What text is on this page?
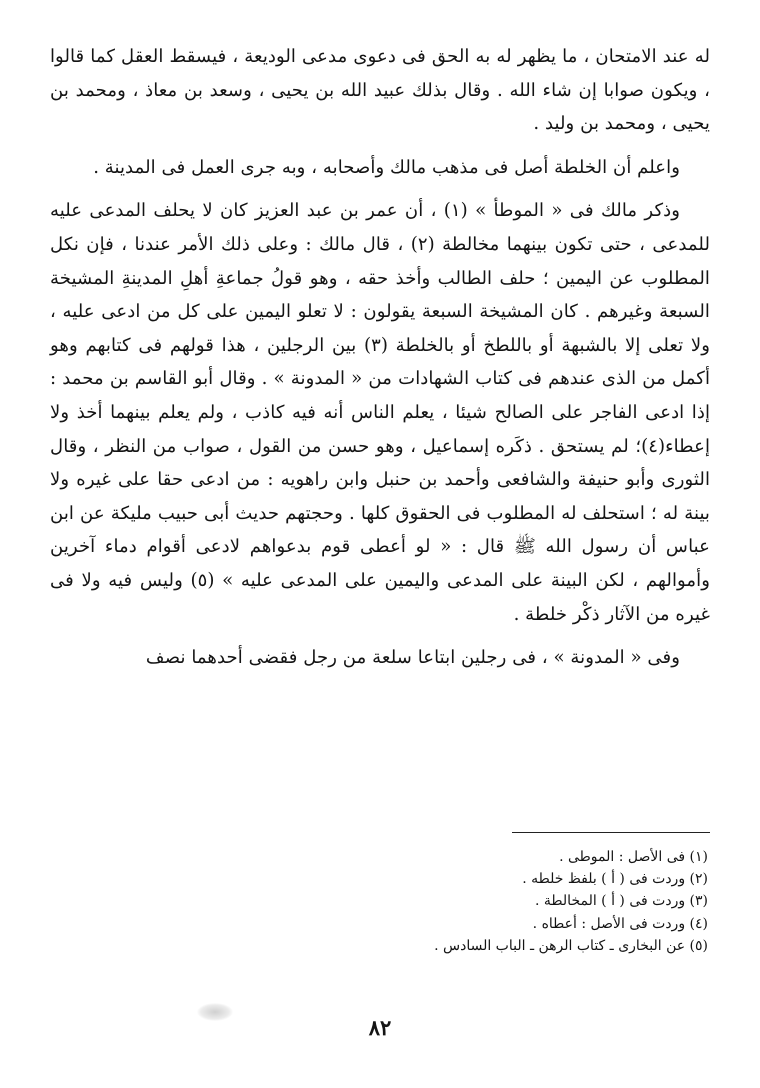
له عند الامتحان ، ما يظهر له به الحق فى دعوى مدعى الوديعة ، فيسقط العقل كما قالوا ، ويكون صوابا إن شاء الله . وقال بذلك عبيد الله بن يحيى ، وسعد بن معاذ ، ومحمد بن يحيى ، ومحمد بن وليد .

واعلم أن الخلطة أصل فى مذهب مالك وأصحابه ، وبه جرى العمل فى المدينة .

وذكر مالك فى « الموطأ » (١) ، أن عمر بن عبد العزيز كان لا يحلف المدعى عليه للمدعى ، حتى تكون بينهما مخالطة (٢) ، قال مالك : وعلى ذلك الأمر عندنا ، فإن نكل المطلوب عن اليمين ؛ حلف الطالب وأخذ حقه ، وهو قولُ جماعةِ أهلِ المدينةِ المشيخة السبعة وغيرهم . كان المشيخة السبعة يقولون : لا تعلو اليمين على كل من ادعى عليه ، ولا تعلى إلا بالشبهة أو باللطخ أو بالخلطة (٣) بين الرجلين ، هذا قولهم فى كتابهم وهو أكمل من الذى عندهم فى كتاب الشهادات من « المدونة » . وقال أبو القاسم بن محمد : إذا ادعى الفاجر على الصالح شيئا ، يعلم الناس أنه فيه كاذب ، ولم يعلم بينهما أخذ ولا إعطاء(٤)؛ لم يستحق . ذكَره إسماعيل ، وهو حسن من القول ، صواب من النظر ، وقال الثورى وأبو حنيفة والشافعى وأحمد بن حنبل وابن راهويه : من ادعى حقا على غيره ولا بينة له ؛ استحلف له المطلوب فى الحقوق كلها . وحجتهم حديث أبى حبيب مليكة عن ابن عباس أن رسول الله ﷺ قال : « لو أعطى قوم بدعواهم لادعى أقوام دماء آخرين وأموالهم ، لكن البينة على المدعى واليمين على المدعى عليه » (٥) وليس فيه ولا فى غيره من الآثار ذكْر خلطة .

وفى « المدونة » ، فى رجلين ابتاعا سلعة من رجل فقضى أحدهما نصف

(١) فى الأصل : الموطى .

(٢) وردت فى ( أ ) بلفظ خلطه .

(٣) وردت فى ( أ ) المخالطة .

(٤) وردت فى الأصل : أعطاه .

(٥) عن البخارى ـ كتاب الرهن ـ الباب السادس .

٨٢
